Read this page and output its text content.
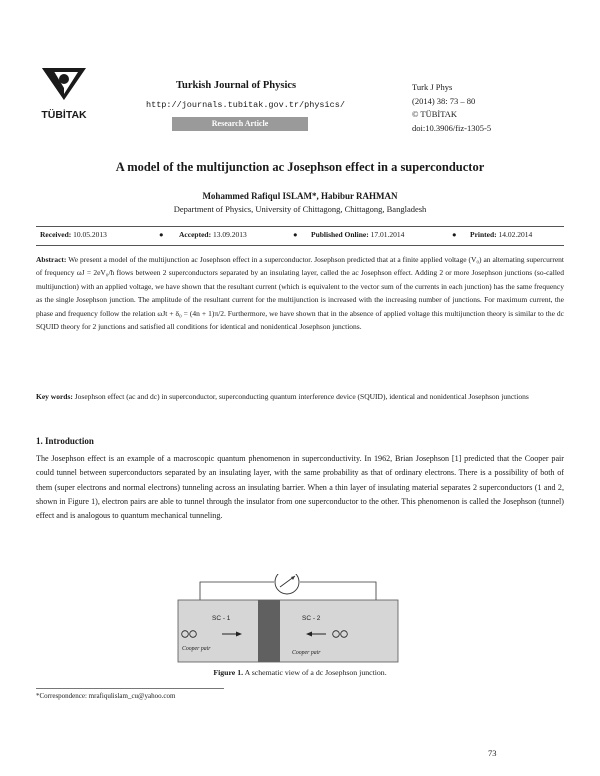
TÜBİTAK
Turkish Journal of Physics
http://journals.tubitak.gov.tr/physics/
Research Article
Turk J Phys
(2014) 38: 73 – 80
© TÜBİTAK
doi:10.3906/fiz-1305-5
A model of the multijunction ac Josephson effect in a superconductor
Mohammed Rafiqul ISLAM*, Habibur RAHMAN
Department of Physics, University of Chittagong, Chittagong, Bangladesh
Received: 10.05.2013	● Accepted: 13.09.2013	● Published Online: 17.01.2014	● Printed: 14.02.2014
Abstract: We present a model of the multijunction ac Josephson effect in a superconductor. Josephson predicted that at a finite applied voltage (V₀) an alternating supercurrent of frequency ωJ = 2eV₀/ħ flows between 2 superconductors separated by an insulating layer, called the ac Josephson effect. Adding 2 or more Josephson junctions (so-called multijunction) with an applied voltage, we have shown that the resultant current (which is equivalent to the vector sum of the currents in each junction) has the same frequency as the single Josephson junction. The amplitude of the resultant current for the multijunction is increased with the increasing number of junctions. For maximum current, the phase and frequency follow the relation ωJt + δ₀ = (4n + 1)π/2. Furthermore, we have shown that in the absence of applied voltage this multijunction theory is similar to the dc SQUID theory for 2 junctions and satisfied all conditions for identical and nonidentical Josephson junctions.
Key words: Josephson effect (ac and dc) in superconductor, superconducting quantum interference device (SQUID), identical and nonidentical Josephson junctions
1. Introduction
The Josephson effect is an example of a macroscopic quantum phenomenon in superconductivity. In 1962, Brian Josephson [1] predicted that the Cooper pair could tunnel between superconductors separated by an insulating layer, with the same probability as that of ordinary electrons. There is a possibility of both of them (super electrons and normal electrons) tunneling across an insulating barrier. When a thin layer of insulating material separates 2 superconductors (1 and 2, shown in Figure 1), electron pairs are able to tunnel through the insulator from one superconductor to the other. This phenomenon is called the Josephson (tunnel) effect and is analogous to quantum mechanical tunneling.
SC - 1	SC - 2
Cooper pair
Cooper pair
Figure 1. A schematic view of a dc Josephson junction.
*Correspondence: mrafiqulislam_cu@yahoo.com
73
